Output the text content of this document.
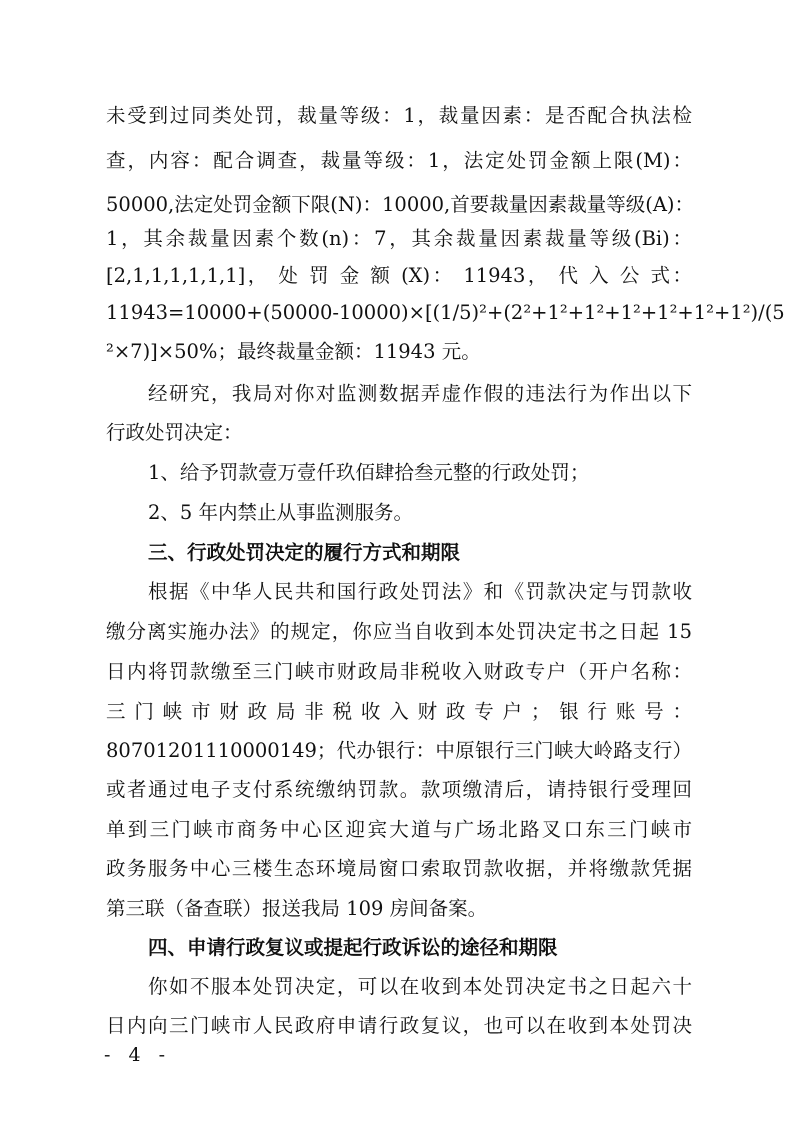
未受到过同类处罚，裁量等级：1，裁量因素：是否配合执法检
查，内容：配合调查，裁量等级：1，法定处罚金额上限(M)：
50000,法定处罚金额下限(N)：10000,首要裁量因素裁量等级(A)：
1，其余裁量因素个数(n)：7，其余裁量因素裁量等级(Bi)：
[2,1,1,1,1,1,1]， 处 罚 金 额 (X)： 11943， 代 入 公 式：
11943=10000+(50000-10000)×[(1/5)²+(2²+1²+1²+1²+1²+1²+1²)/(5
²×7)]×50%；最终裁量金额：11943 元。
经研究，我局对你对监测数据弄虚作假的违法行为作出以下
行政处罚决定：
1、给予罚款壹万壹仟玖佰肆拾叁元整的行政处罚；
2、5 年内禁止从事监测服务。
三、行政处罚决定的履行方式和期限
根据《中华人民共和国行政处罚法》和《罚款决定与罚款收
缴分离实施办法》的规定，你应当自收到本处罚决定书之日起 15
日内将罚款缴至三门峡市财政局非税收入财政专户（开户名称：
三门峡市财政局非税收入财政专户；银行账号：
80701201110000149；代办银行：中原银行三门峡大岭路支行）
或者通过电子支付系统缴纳罚款。款项缴清后，请持银行受理回
单到三门峡市商务中心区迎宾大道与广场北路叉口东三门峡市
政务服务中心三楼生态环境局窗口索取罚款收据，并将缴款凭据
第三联（备查联）报送我局 109 房间备案。
四、申请行政复议或提起行政诉讼的途径和期限
你如不服本处罚决定，可以在收到本处罚决定书之日起六十
日内向三门峡市人民政府申请行政复议，也可以在收到本处罚决
- 4 -
